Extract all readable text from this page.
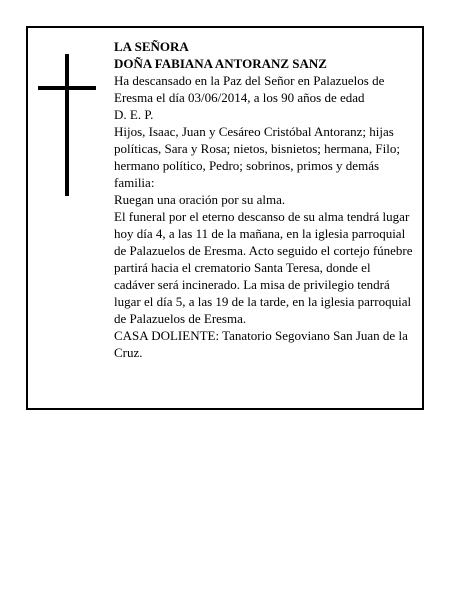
LA SEÑORA

DOÑA FABIANA ANTORANZ SANZ

Ha descansado en la Paz del Señor en Palazuelos de Eresma el día 03/06/2014, a los 90 años de edad

D. E. P.

Hijos, Isaac, Juan y Cesáreo Cristóbal Antoranz; hijas políticas, Sara y Rosa; nietos, bisnietos; hermana, Filo; hermano político, Pedro; sobrinos, primos y demás familia:

Ruegan una oración por su alma.

El funeral por el eterno descanso de su alma tendrá lugar hoy día 4, a las 11 de la mañana, en la iglesia parroquial de Palazuelos de Eresma. Acto seguido el cortejo fúnebre partirá hacia el crematorio Santa Teresa, donde el cadáver será incinerado. La misa de privilegio tendrá lugar el día 5, a las 19 de la tarde, en la iglesia parroquial de Palazuelos de Eresma.

CASA DOLIENTE: Tanatorio Segoviano San Juan de la Cruz.
